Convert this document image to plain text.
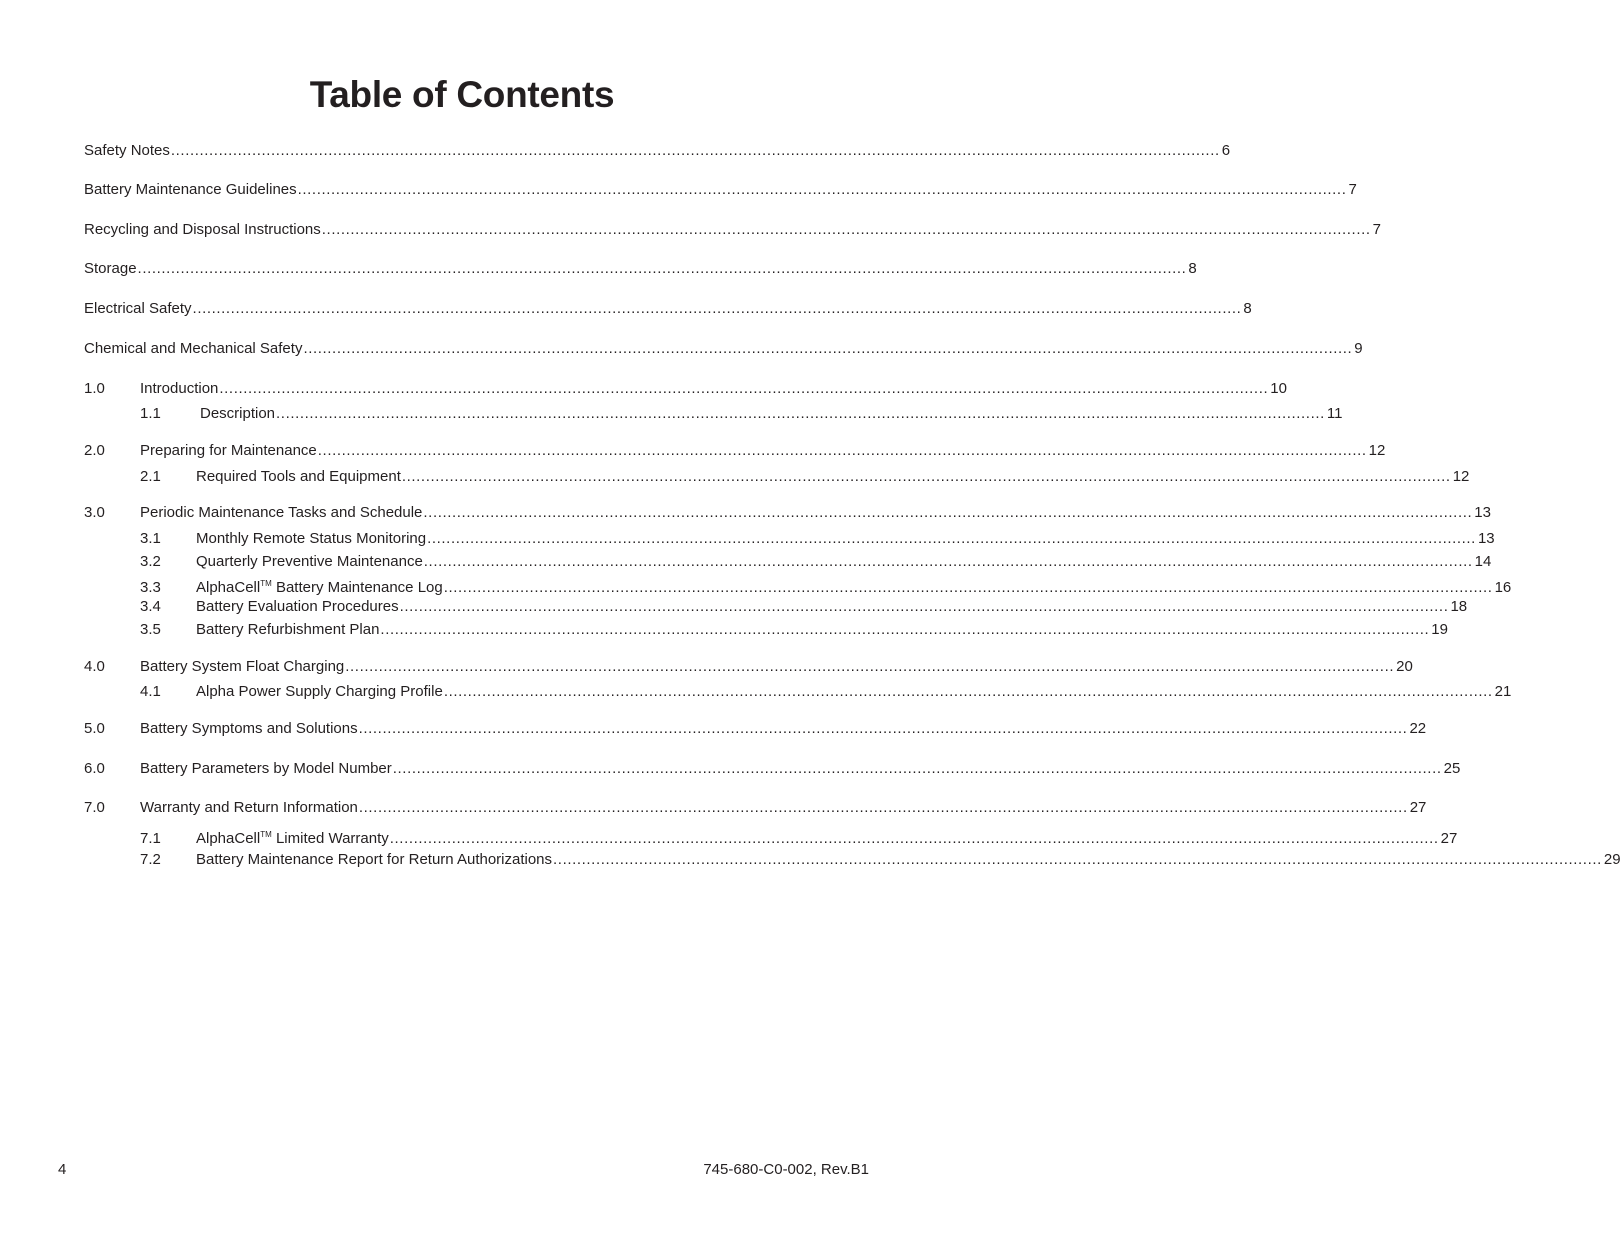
Table of Contents
Safety Notes ............................................................................................................................................................................................................................ 6
Battery Maintenance Guidelines ............................................................................................................................................................................................................................ 7
Recycling and Disposal Instructions ............................................................................................................................................................................................................................ 7
Storage ............................................................................................................................................................................................................................ 8
Electrical Safety ............................................................................................................................................................................................................................ 8
Chemical and Mechanical Safety ............................................................................................................................................................................................................................ 9
1.0	Introduction ............................................................................................................................................................................................................................ 10
1.1	Description ............................................................................................................................................................................................................................ 11
2.0	Preparing for Maintenance ............................................................................................................................................................................................................................ 12
2.1	Required Tools and Equipment ............................................................................................................................................................................................................................ 12
3.0	Periodic Maintenance Tasks and Schedule ............................................................................................................................................................................................................................ 13
3.1	Monthly Remote Status Monitoring ............................................................................................................................................................................................................................ 13
3.2	Quarterly Preventive Maintenance ............................................................................................................................................................................................................................ 14
3.3	AlphaCell™ Battery Maintenance Log ............................................................................................................................................................................................................................ 16
3.4	Battery Evaluation Procedures ............................................................................................................................................................................................................................ 18
3.5	Battery Refurbishment Plan ............................................................................................................................................................................................................................ 19
4.0	Battery System Float Charging ............................................................................................................................................................................................................................ 20
4.1	Alpha Power Supply Charging Profile ............................................................................................................................................................................................................................ 21
5.0	Battery Symptoms and Solutions ............................................................................................................................................................................................................................ 22
6.0	Battery Parameters by Model Number ............................................................................................................................................................................................................................ 25
7.0	Warranty and Return Information ............................................................................................................................................................................................................................ 27
7.1	AlphaCell™ Limited Warranty ............................................................................................................................................................................................................................ 27
7.2	Battery Maintenance Report for Return Authorizations ............................................................................................................................................................................................................................ 29
4	745-680-C0-002, Rev.B1
